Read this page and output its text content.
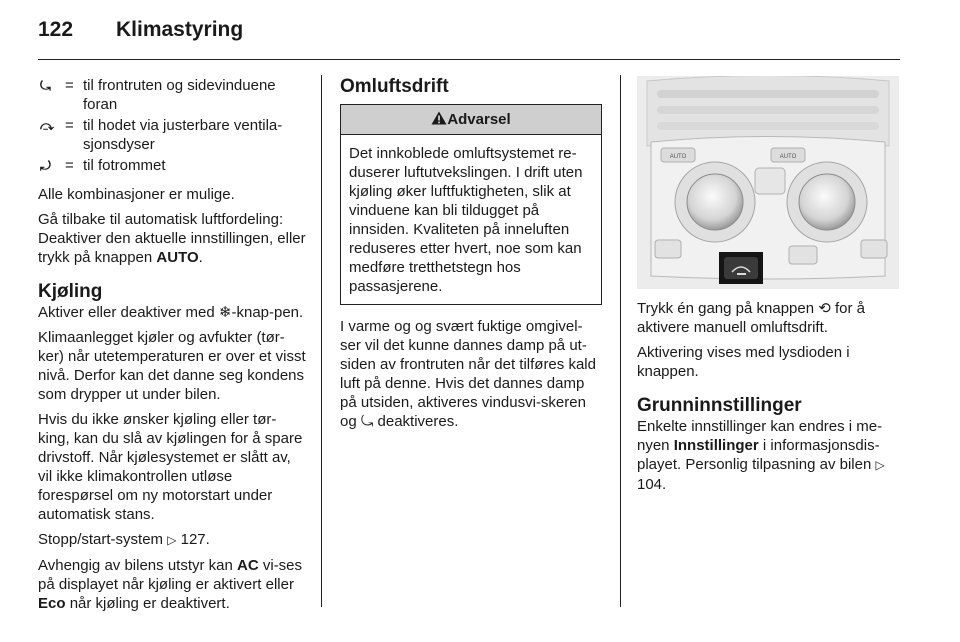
122 Klimastyring
⤿ = til frontruten og sidevinduene
foran
⤼ = til hodet via justerbare ventila-
sjonsdyser
⤾ = til fotrommet

Alle kombinasjoner er mulige.

Gå tilbake til automatisk luftfordeling: Deaktiver den aktuelle innstillingen, eller trykk på knappen AUTO.

Kjøling

Aktiver eller deaktiver med ❄-knap-pen.

Klimaanlegget kjøler og avfukter (tør-ker) når utetemperaturen er over et visst nivå. Derfor kan det danne seg kondens som drypper ut under bilen.

Hvis du ikke ønsker kjøling eller tør-king, kan du slå av kjølingen for å spare drivstoff. Når kjølesystemet er slått av, vil ikke klimakontrollen utløse forespørsel om ny motorstart under automatisk stans.

Stopp/start-system ▷ 127.

Avhengig av bilens utstyr kan AC vi-ses på displayet når kjøling er aktivert eller Eco når kjøling er deaktivert.

Omluftsdrift
Advarsel
Det innkoblede omluftsystemet re-duserer luftutvekslingen. I drift uten kjøling øker luftfuktigheten, slik at vinduene kan bli tildugget på innsiden. Kvaliteten på inneluften reduseres etter hvert, noe som kan medføre tretthetstegn hos passasjerene.

I varme og og svært fuktige omgivel-ser vil det kunne dannes damp på ut-siden av frontruten når det tilføres kald luft på denne. Hvis det dannes damp på utsiden, aktiveres vindusvi-skeren og ⤿ deaktiveres.

AUTO	AUTO

Trykk én gang på knappen ⟲ for å aktivere manuell omluftsdrift.

Aktivering vises med lysdioden i knappen.

Grunninnstillinger

Enkelte innstillinger kan endres i me-nyen Innstillinger i informasjonsdis-playet. Personlig tilpasning av bilen ▷ 104.
